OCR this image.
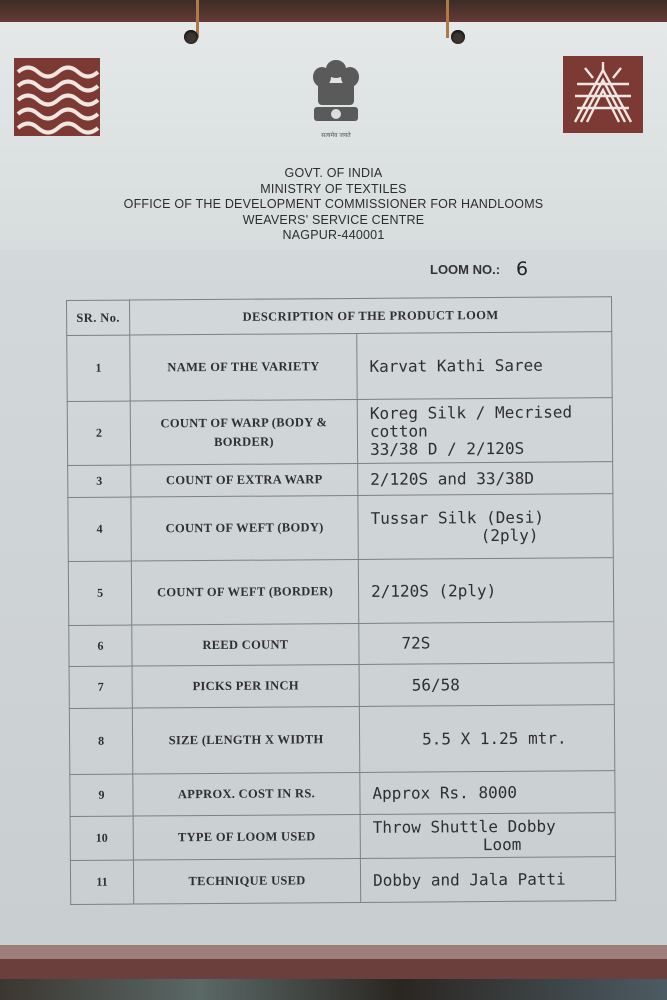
सत्यमेव जयते
GOVT. OF INDIA
MINISTRY OF TEXTILES
OFFICE OF THE DEVELOPMENT COMMISSIONER FOR HANDLOOMS
WEAVERS' SERVICE CENTRE
NAGPUR-440001
LOOM NO.: 6
SR. No.	DESCRIPTION OF THE PRODUCT LOOM	
1	NAME OF THE VARIETY	Karvat Kathi Saree

2	COUNT OF WARP (BODY & BORDER)	Koreg Silk / Mecrised cotton
33/38 D / 2/120S

3	COUNT OF EXTRA WARP	2/120S and 33/38D

4	COUNT OF WEFT (BODY)	Tussar Silk (Desi)
(2ply)

5	COUNT OF WEFT (BORDER)	2/120S (2ply)

6	REED COUNT	72S

7	PICKS PER INCH	56/58

8	SIZE (LENGTH X WIDTH	5.5 X 1.25 mtr.

9	APPROX. COST IN RS.	Approx Rs. 8000

10	TYPE OF LOOM USED	Throw Shuttle Dobby
Loom

11	TECHNIQUE USED	Dobby and Jala Patti
